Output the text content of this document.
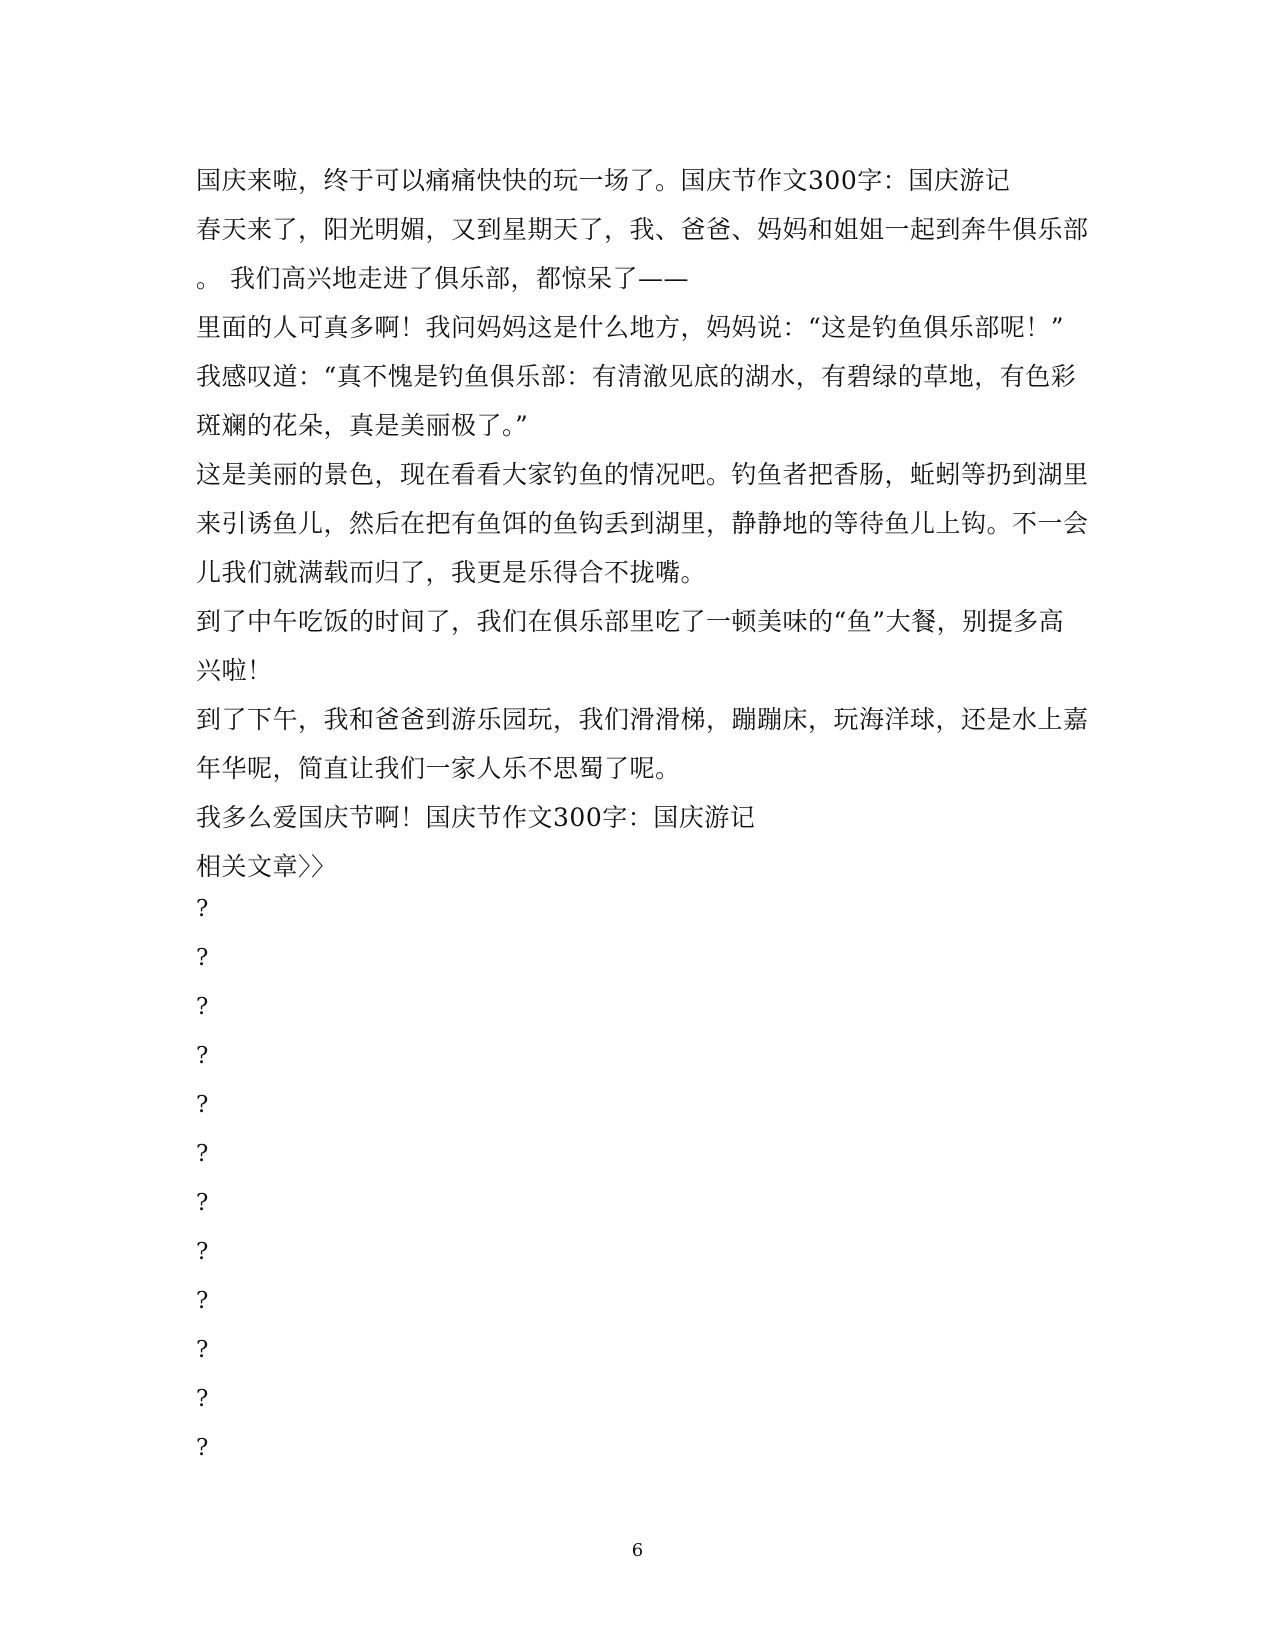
国庆来啦，终于可以痛痛快快的玩一场了。国庆节作文300字：国庆游记
春天来了，阳光明媚，又到星期天了，我、爸爸、妈妈和姐姐一起到奔牛俱乐部
。 我们高兴地走进了俱乐部，都惊呆了——
里面的人可真多啊！我问妈妈这是什么地方，妈妈说：“这是钓鱼俱乐部呢！”
我感叹道：“真不愧是钓鱼俱乐部：有清澈见底的湖水，有碧绿的草地，有色彩
斑斓的花朵，真是美丽极了。”
这是美丽的景色，现在看看大家钓鱼的情况吧。钓鱼者把香肠，蚯蚓等扔到湖里
来引诱鱼儿，然后在把有鱼饵的鱼钩丢到湖里，静静地的等待鱼儿上钩。不一会
儿我们就满载而归了，我更是乐得合不拢嘴。
到了中午吃饭的时间了，我们在俱乐部里吃了一顿美味的“鱼”大餐，别提多高
兴啦！
到了下午，我和爸爸到游乐园玩，我们滑滑梯，蹦蹦床，玩海洋球，还是水上嘉
年华呢，简直让我们一家人乐不思蜀了呢。
我多么爱国庆节啊！国庆节作文300字：国庆游记
相关文章〉〉
?
?
?
?
?
?
?
?
?
?
?
?
6
